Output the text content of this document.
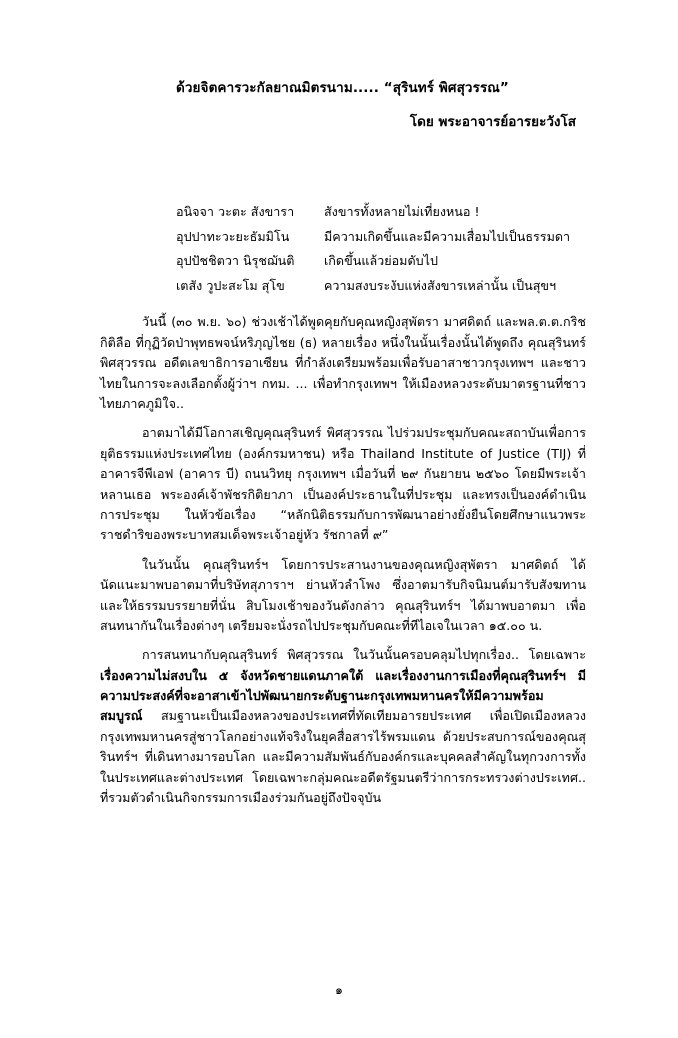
ด้วยจิตคารวะกัลยาณมิตรนาม..... “สุรินทร์ พิศสุวรรณ”
โดย พระอาจารย์อารยะวังโส
อนิจจา วะตะ สังขารา	สังขารทั้งหลายไม่เที่ยงหนอ !
อุปปาทะวะยะธัมมิโน	มีความเกิดขึ้นและมีความเสื่อมไปเป็นธรรมดา
อุปปัชชิตวา นิรุชฌันติ	เกิดขึ้นแล้วย่อมดับไป
เตสัง วูปะสะโม สุโข	ความสงบระงับแห่งสังขารเหล่านั้น เป็นสุขฯ

วันนี้ (๓๐ พ.ย. ๖๐) ช่วงเช้าได้พูดคุยกับคุณหญิงสุพัตรา มาศดิตถ์ และพล.ต.ต.กริช กิติลือ ที่กุฏิวัดป่าพุทธพจน์หริภุญไชย (ธ) หลายเรื่อง หนึ่งในนั้นเรื่องนั้นได้พูดถึง คุณสุรินทร์ พิศสุวรรณ อดีตเลขาธิการอาเซียน ที่กำลังเตรียมพร้อมเพื่อรับอาสาชาวกรุงเทพฯ และชาวไทยในการจะลงเลือกตั้งผู้ว่าฯ กทม. ... เพื่อทำกรุงเทพฯ ให้เมืองหลวงระดับมาตรฐานที่ชาวไทยภาคภูมิใจ..

อาตมาได้มีโอกาสเชิญคุณสุรินทร์ พิศสุวรรณ ไปร่วมประชุมกับคณะสถาบันเพื่อการยุติธรรมแห่งประเทศไทย (องค์กรมหาชน) หรือ Thailand Institute of Justice (TIJ) ที่อาคารจีพีเอฟ (อาคาร บี) ถนนวิทยุ กรุงเทพฯ เมื่อวันที่ ๒๙ กันยายน ๒๕๖๐ โดยมีพระเจ้าหลานเธอ พระองค์เจ้าพัชรกิติยาภา เป็นองค์ประธานในที่ประชุม และทรงเป็นองค์ดำเนินการประชุม ในหัวข้อเรื่อง “หลักนิติธรรมกับการพัฒนาอย่างยั่งยืนโดยศึกษาแนวพระราชดำริของพระบาทสมเด็จพระเจ้าอยู่หัว รัชกาลที่ ๙”

ในวันนั้น คุณสุรินทร์ฯ โดยการประสานงานของคุณหญิงสุพัตรา มาศดิตถ์ ได้นัดแนะมาพบอาตมาที่บริษัทสุภาราฯ ย่านหัวลำโพง ซึ่งอาตมารับกิจนิมนต์มารับสังฆทานและให้ธรรมบรรยายที่นั่น สิบโมงเช้าของวันดังกล่าว คุณสุรินทร์ฯ ได้มาพบอาตมา เพื่อสนทนากันในเรื่องต่างๆ เตรียมจะนั่งรถไปประชุมกับคณะที่ทีไอเจในเวลา ๑๕.๐๐ น.

การสนทนากับคุณสุรินทร์ พิศสุวรรณ ในวันนั้นครอบคลุมไปทุกเรื่อง.. โดยเฉพาะ เรื่องความไม่สงบใน ๕ จังหวัดชายแดนภาคใต้ และเรื่องงานการเมืองที่คุณสุรินทร์ฯ มีความประสงค์ที่จะอาสาเข้าไปพัฒนายกระดับฐานะกรุงเทพมหานครให้มีความพร้อมสมบูรณ์ สมฐานะเป็นเมืองหลวงของประเทศที่ทัดเทียมอารยประเทศ เพื่อเปิดเมืองหลวงกรุงเทพมหานครสู่ชาวโลกอย่างแท้จริงในยุคสื่อสารไร้พรมแดน ด้วยประสบการณ์ของคุณสุรินทร์ฯ ที่เดินทางมารอบโลก และมีความสัมพันธ์กับองค์กรและบุคคลสำคัญในทุกวงการทั้งในประเทศและต่างประเทศ โดยเฉพาะกลุ่มคณะอดีตรัฐมนตรีว่าการกระทรวงต่างประเทศ.. ที่รวมตัวดำเนินกิจกรรมการเมืองร่วมกันอยู่ถึงปัจจุบัน

๑
